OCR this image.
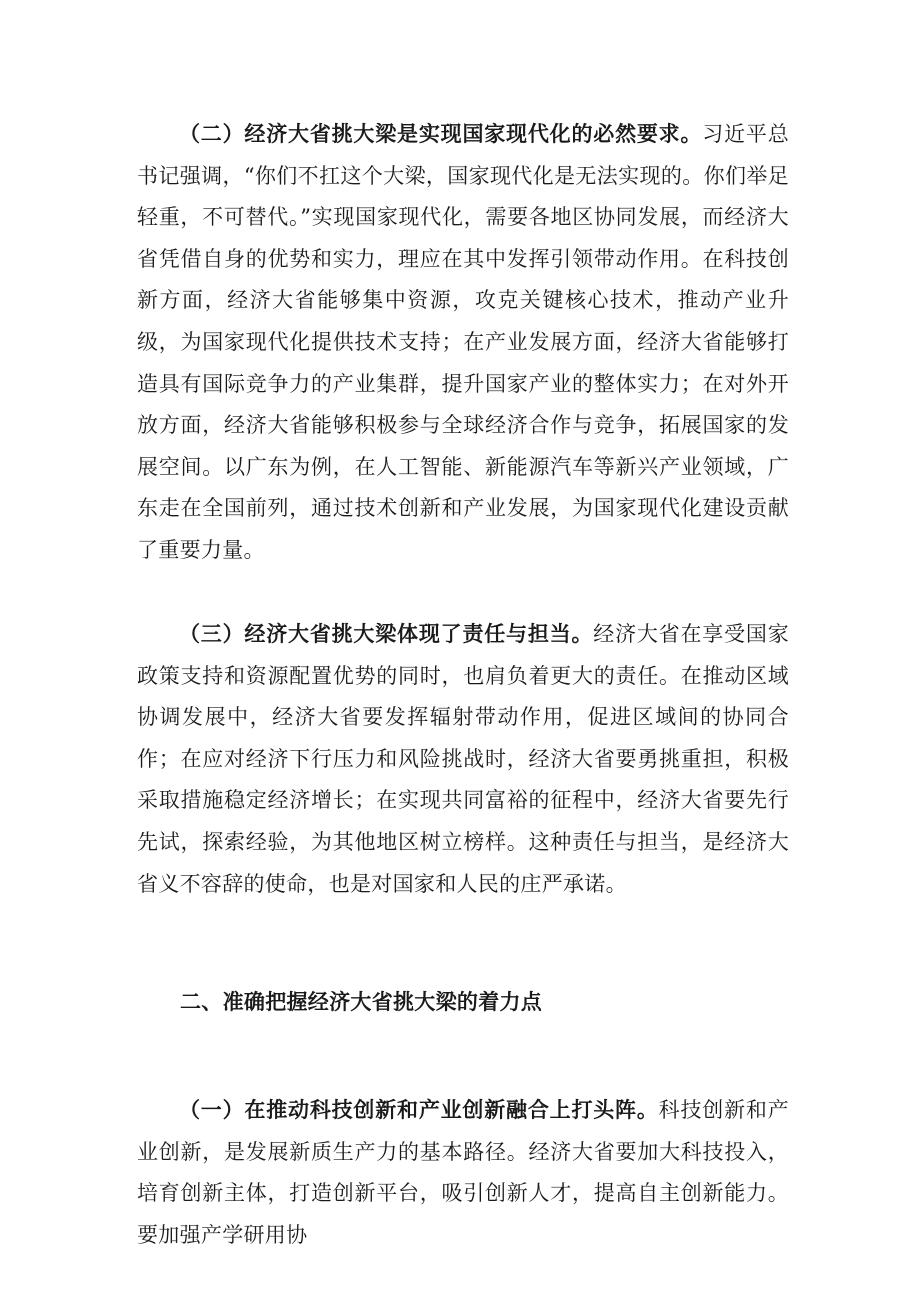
（二）经济大省挑大梁是实现国家现代化的必然要求。习近平总书记强调，“你们不扛这个大梁，国家现代化是无法实现的。你们举足轻重，不可替代。”实现国家现代化，需要各地区协同发展，而经济大省凭借自身的优势和实力，理应在其中发挥引领带动作用。在科技创新方面，经济大省能够集中资源，攻克关键核心技术，推动产业升级，为国家现代化提供技术支持；在产业发展方面，经济大省能够打造具有国际竞争力的产业集群，提升国家产业的整体实力；在对外开放方面，经济大省能够积极参与全球经济合作与竞争，拓展国家的发展空间。以广东为例，在人工智能、新能源汽车等新兴产业领域，广东走在全国前列，通过技术创新和产业发展，为国家现代化建设贡献了重要力量。

（三）经济大省挑大梁体现了责任与担当。经济大省在享受国家政策支持和资源配置优势的同时，也肩负着更大的责任。在推动区域协调发展中，经济大省要发挥辐射带动作用，促进区域间的协同合作；在应对经济下行压力和风险挑战时，经济大省要勇挑重担，积极采取措施稳定经济增长；在实现共同富裕的征程中，经济大省要先行先试，探索经验，为其他地区树立榜样。这种责任与担当，是经济大省义不容辞的使命，也是对国家和人民的庄严承诺。

二、准确把握经济大省挑大梁的着力点

（一）在推动科技创新和产业创新融合上打头阵。科技创新和产业创新，是发展新质生产力的基本路径。经济大省要加大科技投入，培育创新主体，打造创新平台，吸引创新人才，提高自主创新能力。要加强产学研用协
